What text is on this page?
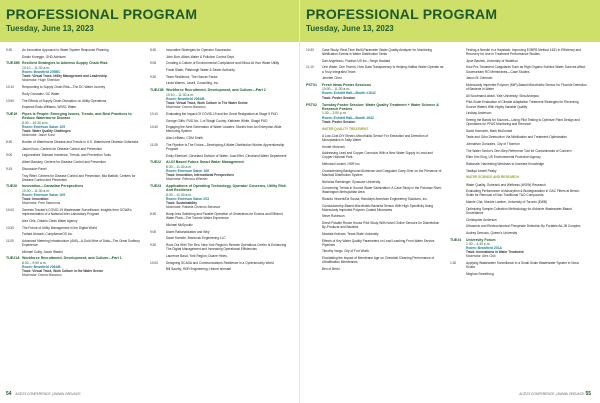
PROFESSIONAL PROGRAM
Tuesday, June 13, 2023
9:30	An Innovative Approach to Water System Response Planning
Dustin Kruegge, GHD Advisors
TUE15B Resilient Strategies to Address Supply Chain Risk
10:10 – 11:30 a.m.
Room: Beanfield 205BC
Track: Virtual Track, Utility Management and Leadership
Moderator: Hugh Sheridan
10:10	Responding to Supply Chain Risk—The DC Water Journey
Rudy Gonzalez, DC Water
10:50	The Effects of Supply Chain Disruption on Utility Operations
Espenza Rodz-Williams, WSSC Water
TUE19	Pipes Is People: Emerging Issues, Trends, and Best Practices to Reduce Waterborne Disease
8:30 – 10:30 a.m.
Room: Emerson Salon 105
Track: Water Quality Challenges
Moderator: Jason Kunz
8:30	Burden of Waterborne Disease and Trends in U.S. Waterborne Disease Outbreaks
Jason Kunz, Centers for Disease Control and Prevention
9:00	Legionnaires' Disease Incidence, Trends, and Prevention Tools
Albert Barskey, Centers for Disease Control and Prevention
9:15	Discussion Panel
Troy Ritter, Centers for Disease Control and Prevention; Mia Mattioli, Centers for Disease Control and Prevention
TUE20	Innovation—Canadian Perspectives
10:00 – 11:30 a.m.
Room: Emerson Salon 105
Track: Innovation
Moderator: Pete Sammons
10:00	Genesis Tracker's COVID-19 Wastewater Surveillance: Insights from OCWA's Implementation of a National Inter-Laboratory Program
Alex Chik, Ontario Clean Water Agency
10:30	The Future of Utility Management in the Digital World
Farhad Ahmadi, ComplianceOS Inc.
11:00	Advanced Metering Infrastructure (AMI)—A Gold Mine of Data—The Great Sudbury Experience
Michael Colby, Jacob Warkin
TUE21A Workforce Recruitment, Development, and Culture—Part 1
8:30 – 9:50 a.m.
Room: Beanfield 206AB
Track: Virtual Track, Work Culture in the Water Sector
Moderator: Donna Mancuso
8:30	Innovative Strategies for Operator Succession
John Burr, Alkins Water & Pollution Control Dept.
9:05	Creating A Culture of Environmental Compliance and Ethics At Your Water Utility
Frank Slater, Pittsburgh Water & Sewer Authority
9:30	Team Resilience, The Human Factor
Linda Warren, Lasell, Consulting, Inc.
TUE21B Workforce Recruitment, Development, and Culture—Part 2
10:10 – 11:30 a.m.
Room: Beanfield 206AB
Track: Virtual Track, Work Culture in The Water Sector
Moderator: Donna Mancuso
10:10	Evaluating the Impact Of COVID-19 and the Great Resignation at Stage 5 PUD
George Glifin, PUD No. 1 of Skagit County, Kathleen White, Skagit PUD
10:40	Engaging the Next Generation of Water Leaders: Stories from An Enterprise-Wide Mentoring System
Alan LeBlanc, CDM Smith
11:05	The Pipeline Is The Future—Developing A Water Distribution Worker Apprenticeship Program
Emily Eberhart, Cleveland Division of Water; Juan Eftel, Cleveland Water Department
TUE22	AI-Of Based Future Smart Water Management
8:30 – 11:30 a.m.
Room: Emerson Salon 106
Track: Innovation, International Perspectives
Moderator: Rebecca Wheeler
TUE23	Applications of Operating Technology, Operator Concerns, Utility Risk And Resilience
8:30 – 11:30 a.m.
Room: Emerson Salon 203
Track: Sustainability
Moderator: Rafaela Cisneros Benasue
8:30	Bump-less Switching and Parallel Operation of Generators for Excess and Efficient Water Plant—The Toronto Water Experience
Michael McSpoutic
9:00	Alarm Rationalization and Why
Dawn Kamble, Brannock Engineering LLC
9:30	Rock Out With The Rec: New York Region's Remote Operations Center Is Enhancing The Digital Management and Increasing Operational Efficiencies
Laurence Baud, York Region; Duane Hines,
10:00	Designing SCADA and Communications Resilience in a Cybersecurity World
Bill Saurby, HDR Engineering; Hobert Ishmael
54 ACE23 CONFERENCE | AWWA.ORG/ACE
PROFESSIONAL PROGRAM
Tuesday, June 13, 2023
10:30	Case Study: Real-Time Multi-Parameter Water Quality Analyzer for Monitoring Nitrification Events in Water Distribution Tanks
Dan Angelescu, Fluidion US Inc.; Serge Haddad
11:10	One Water, One Team's, How Data Transparency Is Helping Halifax Water Operate as a Truly Integrated Team
Jennifer Chen
PST01	Fresh Ideas Poster Sessions
10:00 – 11:30 a.m.
Room: Exhibit Hall—Booth #1642
Track: Poster Session
PST02	Tuesday Poster Session: Water Quality Treatment + Water Science & Research Posters
1:30 – 2:00 p.m.
Room: Exhibit Hall—Booth 1642
Track: Poster Session
WATER QUALITY TREATMENT
A Low-Cost DIY Electro-Microfluidic Sensor For Extraction and Detection of Microplastics in Salty Water
Hooter Monroch
Addressing Lead and Copper Corrosion With a New Water Supply in Lead and Copper Notional Park
Mehrdad Lezami, HDR Inc.
Characterizing Background Aluminum and Coagulant Carry-Over on the Presence of Manifold Distribution System
Nicholas Ramsinger, Syracuse University
Concerning Trends in Source Water Salinization: A Case Study in the Potomac River, Washington Metropolitan Area
Ricardo Vincent/De Sousa, Randolph American Engineering Solutions, Inc.
Conductometry-Based Microfluidic Bacteria Sensor With High Specificity Using Molecularly Imprinted Polymer Coated Microwires
Steve Robinson
Direct Potable Reuse House Pilot Study With Novel Online Sensors for Disinfection By-Products and Bacteria
Mostafa Kraham, Texas State University
Effects of Key Water Quality Parameters on Lead Leaching From Water Service Pipelines
Timothy Vargo, City of Fort Worth
Elucidating the Impact of Membrane Age on Chemical Cleaning Performance of Ultrafiltration Membranes
Ben of Bertu
Finding a Needle in a Haystack: Improving EXBPB Method 1631 in Efficiency and Recovery for Use in Treatment Performance Studies
Jiyue Bashek, University of Waterloo
How Pre-Treatment Coagulants Such as High Organic Surface Water Sources Affect Downstream RO Membranes—Case Studies
Jason St. Germain
Molecularly Imprinted Polymer (MIP)-Based Microfluidic Sensor for Fluoride Detection of Bacteria in Water
Ali Soodmand-abadi, Yale University; Sina Arianpou
Pilot-Scale Evaluation of Climate Adaptation Treatment Strategies for Reversing Source Waters With Highly Variable Quality
Lindsay Anderson
Seeing the Bands for Sources—Using Pilot Testing to Optimize Plant Design and Operations for PFAS Monitoring and Removal
David Harrower, Mark McDonald
Taste and Odor Destruction Via Nitrification and Treatment Optimization
Johnathon Gonzalez, City of Thornton
The Water Sector's One-Step Reference Tool for Contaminants of Concern
Ellen Kim Klug, US Environmental Protection Agency
Rationale: Harvesting Webinars to Increase Knowledge
Tawfiqa Lewell Peaky
WATER SCIENCE AND RESEARCH
Water Quality, Outreach and Wellness (WOW) Research
Evaluating Performance of Adsorption & Biodegradation in GAC Filters at Bench-Scale for Removal of Non-Traditional T&O Compounds
Mamie Cha, Monkle Lambre, University of Toronto (EWB)
Optimizing Sample Collection Methodology for Airborne Wastewater-Based Surveillance
Christopher Anderson
Ultrasonic and Electrochemical Phosphate Detection By Portable Ad-Jill Complex
Audrey Desrocs, Queen's University
TUE24	University Forum
1:30 – 4:30 p.m.
Room: Beanfield 201A
Track: Innovations in Water Treatment
Moderator: Alex Chik
1:30	Applying Wastewater Surveillance in a Small-Scale Wastewater System in Nova Scotia
Meghan Sweetburg
ACE23 CONFERENCE | AWWA.ORG/ACE 55
